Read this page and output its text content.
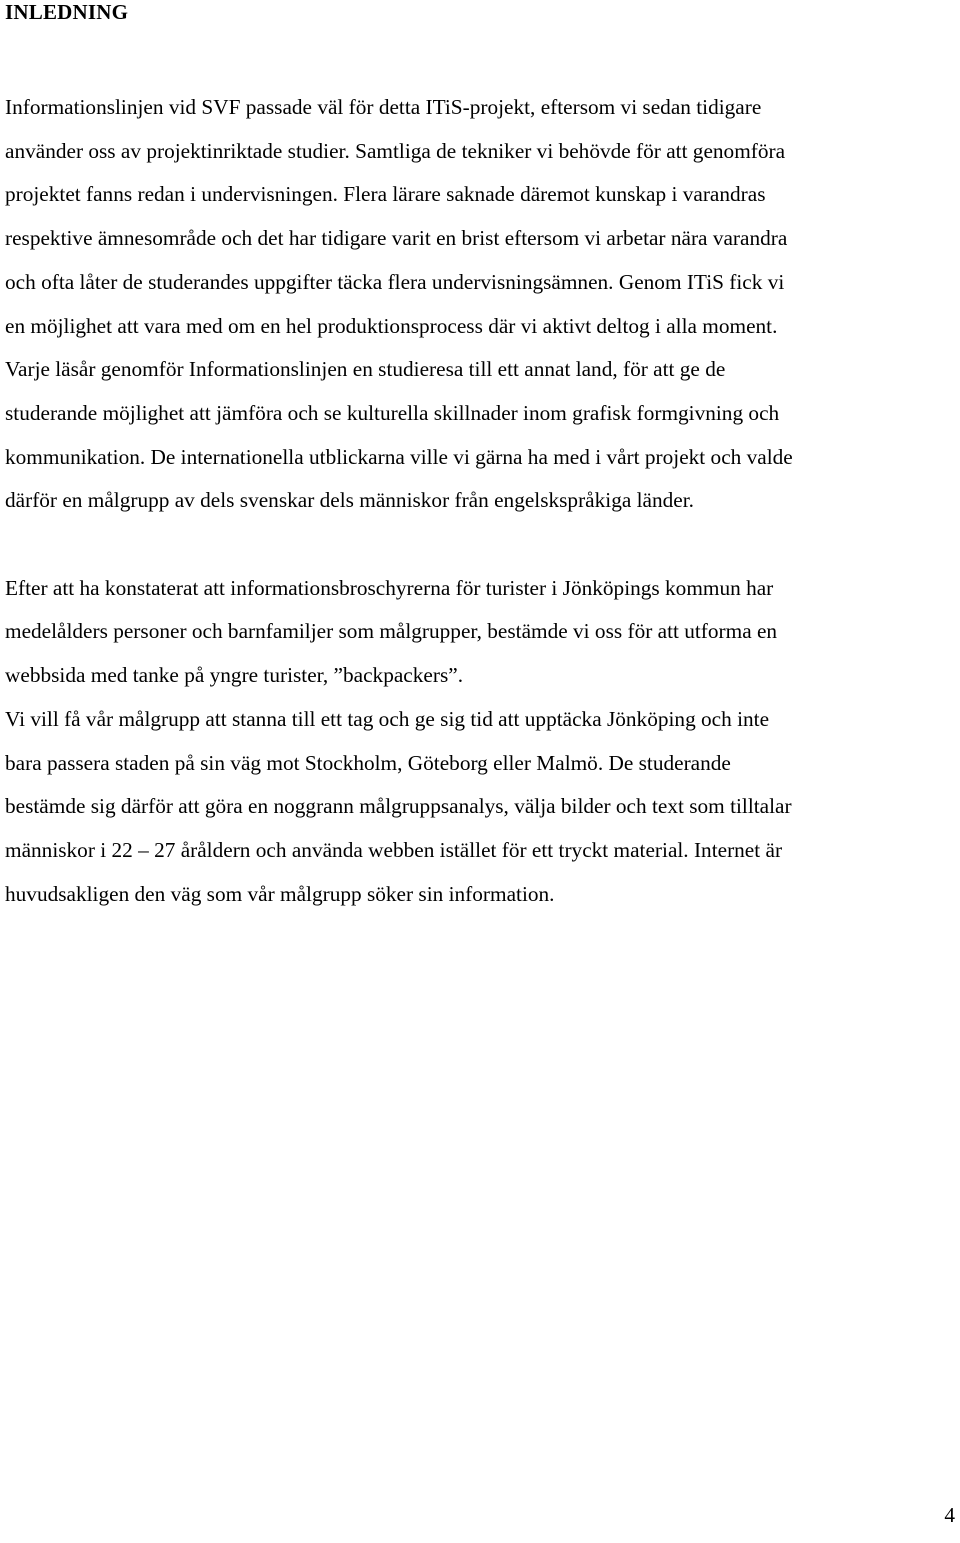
INLEDNING

Informationslinjen vid SVF passade väl för detta ITiS-projekt, eftersom vi sedan tidigare
använder oss av projektinriktade studier. Samtliga de tekniker vi behövde för att genomföra
projektet fanns redan i undervisningen. Flera lärare saknade däremot kunskap i varandras
respektive ämnesområde och det har tidigare varit en brist eftersom vi arbetar nära varandra
och ofta låter de studerandes uppgifter täcka flera undervisningsämnen. Genom ITiS fick vi
en möjlighet att vara med om en hel produktionsprocess där vi aktivt deltog i alla moment.
Varje läsår genomför Informationslinjen en studieresa till ett annat land, för att ge de
studerande möjlighet att jämföra och se kulturella skillnader inom grafisk formgivning och
kommunikation. De internationella utblickarna ville vi gärna ha med i vårt projekt och valde
därför en målgrupp av dels svenskar dels människor från engelskspråkiga länder.

Efter att ha konstaterat att informationsbroschyrerna för turister i Jönköpings kommun har
medelålders personer och barnfamiljer som målgrupper, bestämde vi oss för att utforma en
webbsida med tanke på yngre turister, ”backpackers”.
Vi vill få vår målgrupp att stanna till ett tag och ge sig tid att upptäcka Jönköping och inte
bara passera staden på sin väg mot Stockholm, Göteborg eller Malmö. De studerande
bestämde sig därför att göra en noggrann målgruppsanalys, välja bilder och text som tilltalar
människor i 22 – 27 åråldern och använda webben istället för ett tryckt material. Internet är
huvudsakligen den väg som vår målgrupp söker sin information.

4
